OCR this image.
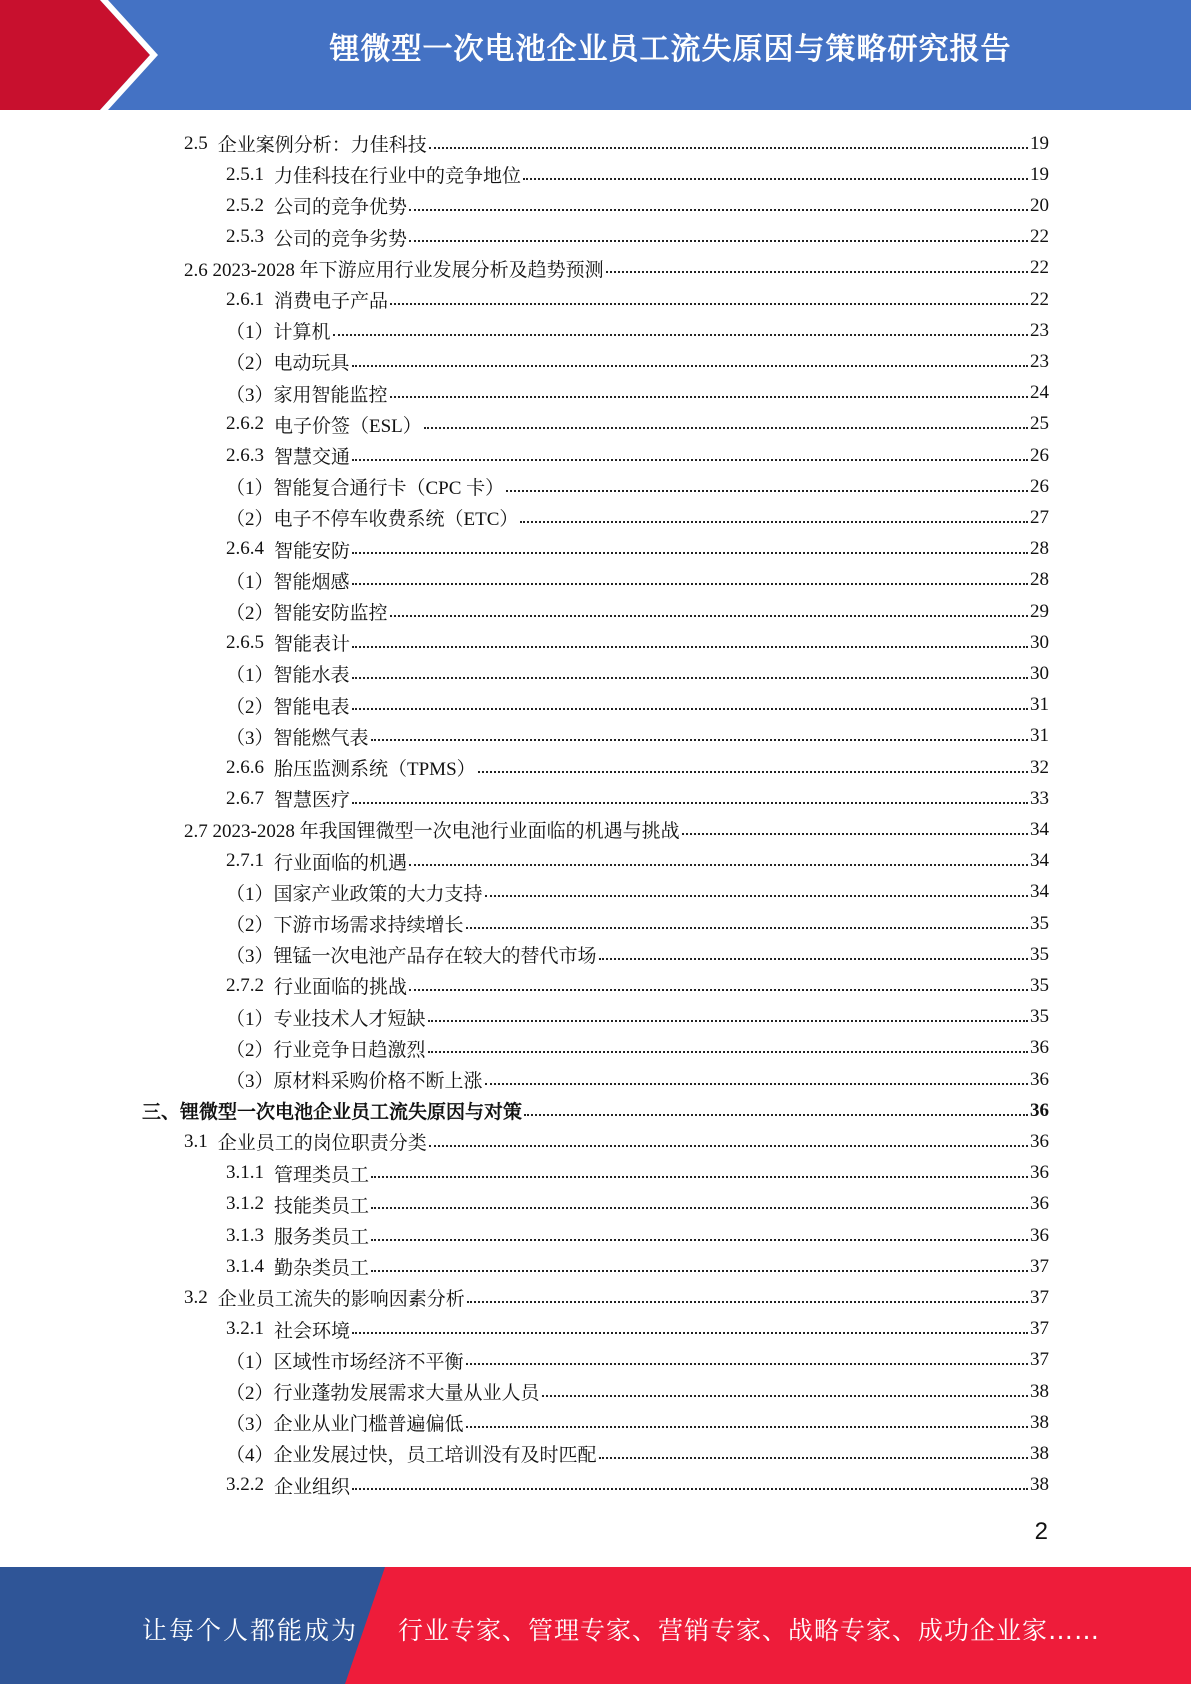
锂微型一次电池企业员工流失原因与策略研究报告
2.5 企业案例分析：力佳科技	19
2.5.1 力佳科技在行业中的竞争地位	19
2.5.2 公司的竞争优势	20
2.5.3 公司的竞争劣势	22
2.6 2023-2028 年下游应用行业发展分析及趋势预测	22
2.6.1 消费电子产品	22
（1）计算机	23
（2）电动玩具	23
（3）家用智能监控	24
2.6.2 电子价签（ESL）	25
2.6.3 智慧交通	26
（1）智能复合通行卡（CPC 卡）	26
（2）电子不停车收费系统（ETC）	27
2.6.4 智能安防	28
（1）智能烟感	28
（2）智能安防监控	29
2.6.5 智能表计	30
（1）智能水表	30
（2）智能电表	31
（3）智能燃气表	31
2.6.6 胎压监测系统（TPMS）	32
2.6.7 智慧医疗	33
2.7 2023-2028 年我国锂微型一次电池行业面临的机遇与挑战	34
2.7.1 行业面临的机遇	34
（1）国家产业政策的大力支持	34
（2）下游市场需求持续增长	35
（3）锂锰一次电池产品存在较大的替代市场	35
2.7.2 行业面临的挑战	35
（1）专业技术人才短缺	35
（2）行业竞争日趋激烈	36
（3）原材料采购价格不断上涨	36
三、锂微型一次电池企业员工流失原因与对策	36
3.1 企业员工的岗位职责分类	36
3.1.1 管理类员工	36
3.1.2 技能类员工	36
3.1.3 服务类员工	36
3.1.4 勤杂类员工	37
3.2 企业员工流失的影响因素分析	37
3.2.1 社会环境	37
（1）区域性市场经济不平衡	37
（2）行业蓬勃发展需求大量从业人员	38
（3）企业从业门槛普遍偏低	38
（4）企业发展过快，员工培训没有及时匹配	38
3.2.2 企业组织	38
2
让每个人都能成为 行业专家、管理专家、营销专家、战略专家、成功企业家……
